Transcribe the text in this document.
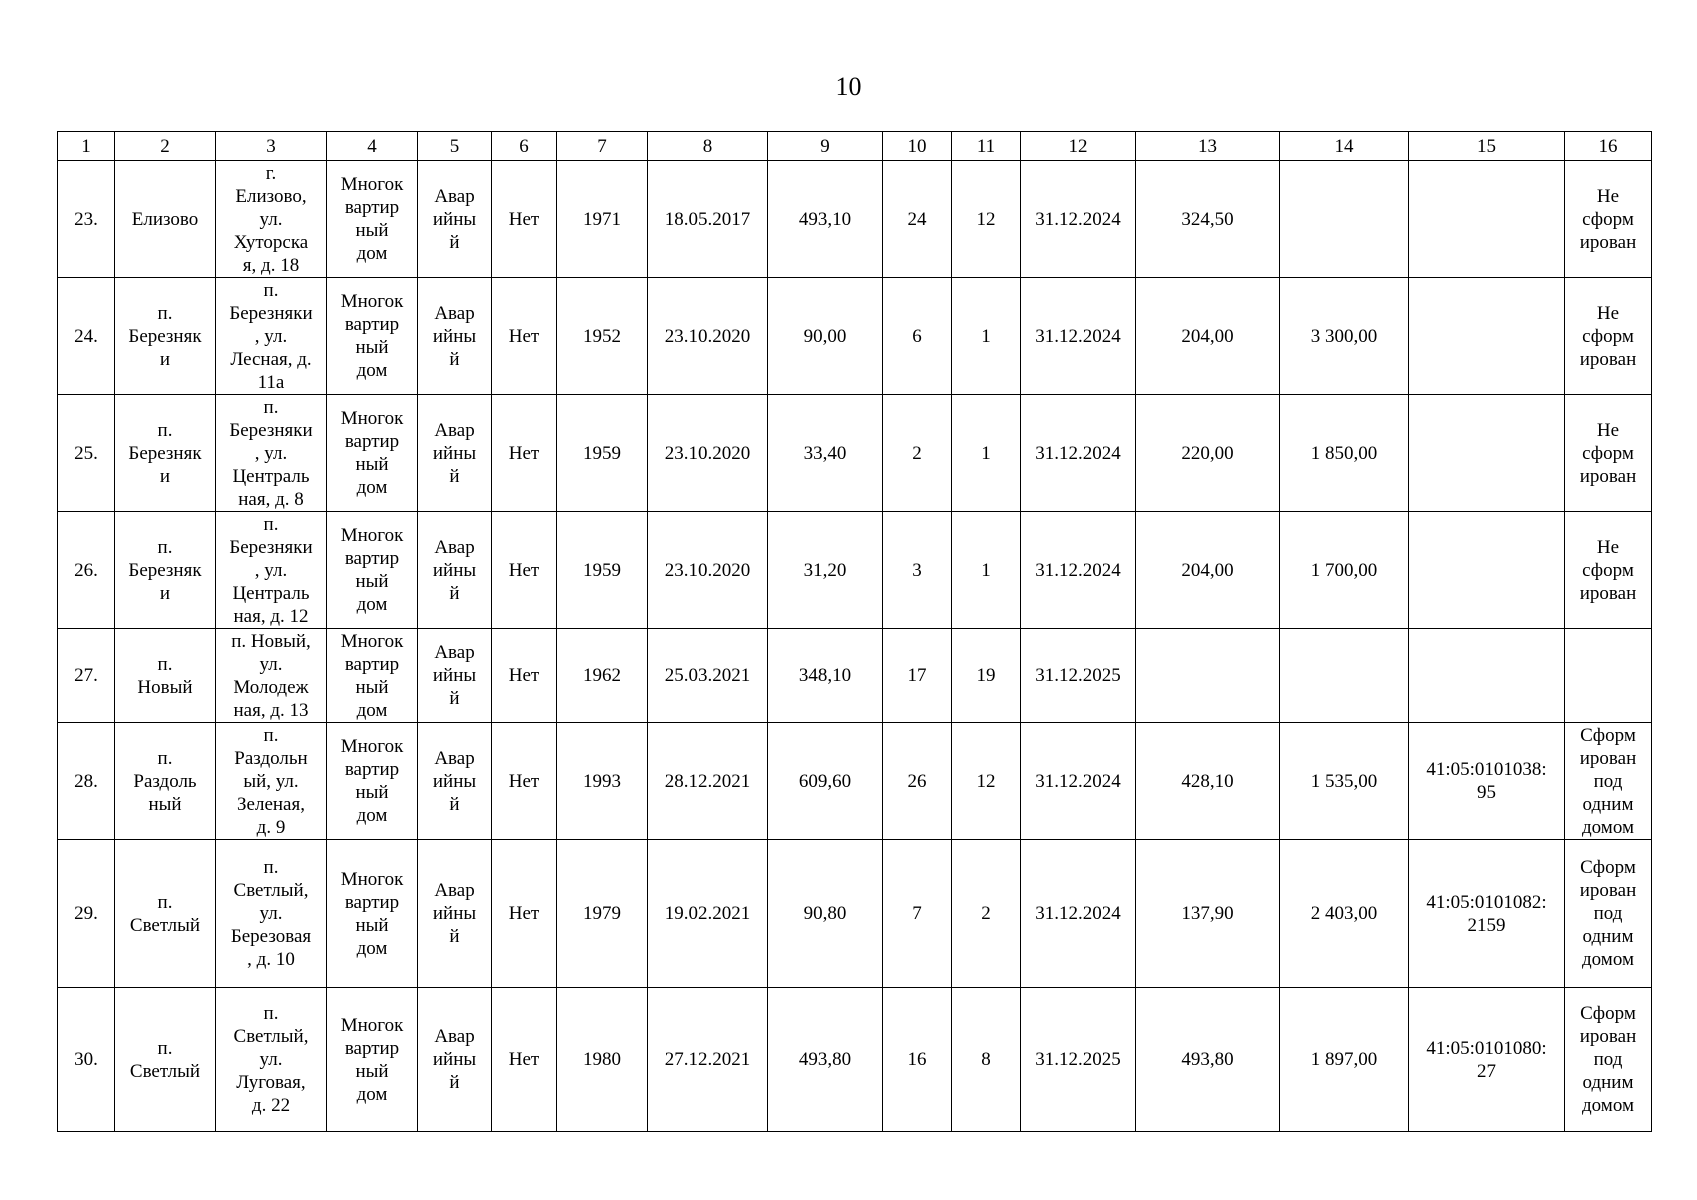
10
1	2	3	4	5	6	7	8	9	10	11	12	13	14	15	16
23.	Елизово	г.
Елизово,
ул.
Хуторска
я, д. 18	Многок
вартир
ный
дом	Авар
ийны
й	Нет	1971	18.05.2017	493,10	24	12	31.12.2024	324,50			Не
сформ
ирован

24.	п.
Березняк
и	п.
Березняки
, ул.
Лесная, д.
11а	Многок
вартир
ный
дом	Авар
ийны
й	Нет	1952	23.10.2020	90,00	6	1	31.12.2024	204,00	3 300,00		Не
сформ
ирован

25.	п.
Березняк
и	п.
Березняки
, ул.
Централь
ная, д. 8	Многок
вартир
ный
дом	Авар
ийны
й	Нет	1959	23.10.2020	33,40	2	1	31.12.2024	220,00	1 850,00		Не
сформ
ирован

26.	п.
Березняк
и	п.
Березняки
, ул.
Централь
ная, д. 12	Многок
вартир
ный
дом	Авар
ийны
й	Нет	1959	23.10.2020	31,20	3	1	31.12.2024	204,00	1 700,00		Не
сформ
ирован

27.	п.
Новый	п. Новый,
ул.
Молодеж
ная, д. 13	Многок
вартир
ный
дом	Авар
ийны
й	Нет	1962	25.03.2021	348,10	17	19	31.12.2025				
28.	п.
Раздоль
ный	п.
Раздольн
ый, ул.
Зеленая,
д. 9	Многок
вартир
ный
дом	Авар
ийны
й	Нет	1993	28.12.2021	609,60	26	12	31.12.2024	428,10	1 535,00	41:05:0101038:
95	Сформ
ирован
под
одним
домом

29.	п.
Светлый	п.
Светлый,
ул.
Березовая
, д. 10	Многок
вартир
ный
дом	Авар
ийны
й	Нет	1979	19.02.2021	90,80	7	2	31.12.2024	137,90	2 403,00	41:05:0101082:
2159	Сформ
ирован
под
одним
домом

30.	п.
Светлый	п.
Светлый,
ул.
Луговая,
д. 22	Многок
вартир
ный
дом	Авар
ийны
й	Нет	1980	27.12.2021	493,80	16	8	31.12.2025	493,80	1 897,00	41:05:0101080:
27	Сформ
ирован
под
одним
домом
